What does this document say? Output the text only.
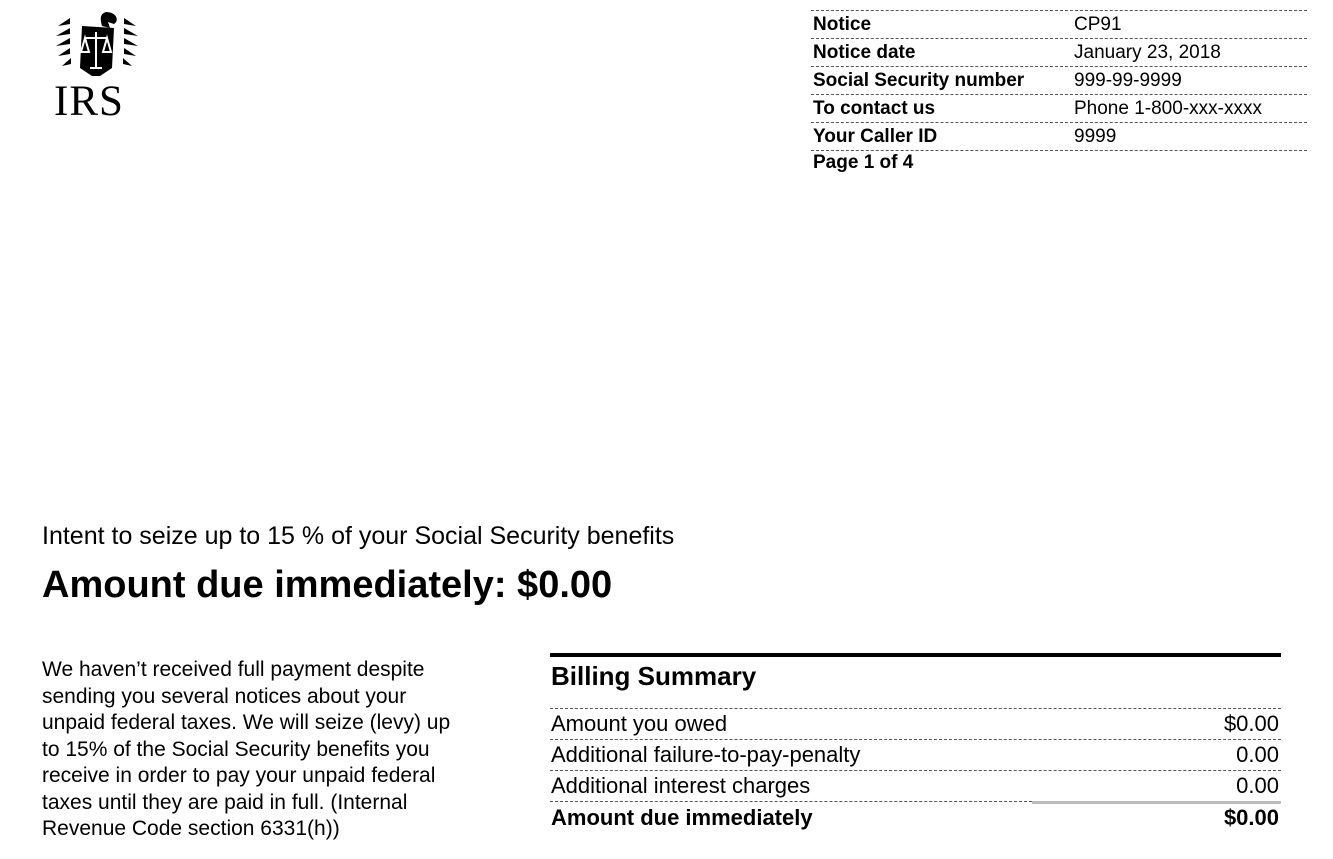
IRS
Notice	CP91
Notice date	January 23, 2018
Social Security number	999-99-9999
To contact us	Phone 1-800-xxx-xxxx
Your Caller ID	9999
Page 1 of 4
Intent to seize up to 15 % of your Social Security benefits
Amount due immediately: $0.00
We haven’t received full payment despite sending you several notices about your unpaid federal taxes. We will seize (levy) up to 15% of the Social Security benefits you receive in order to pay your unpaid federal taxes until they are paid in full. (Internal Revenue Code section 6331(h))
Billing Summary
Amount you owed	$0.00
Additional failure-to-pay-penalty	0.00
Additional interest charges	0.00
Amount due immediately	$0.00
